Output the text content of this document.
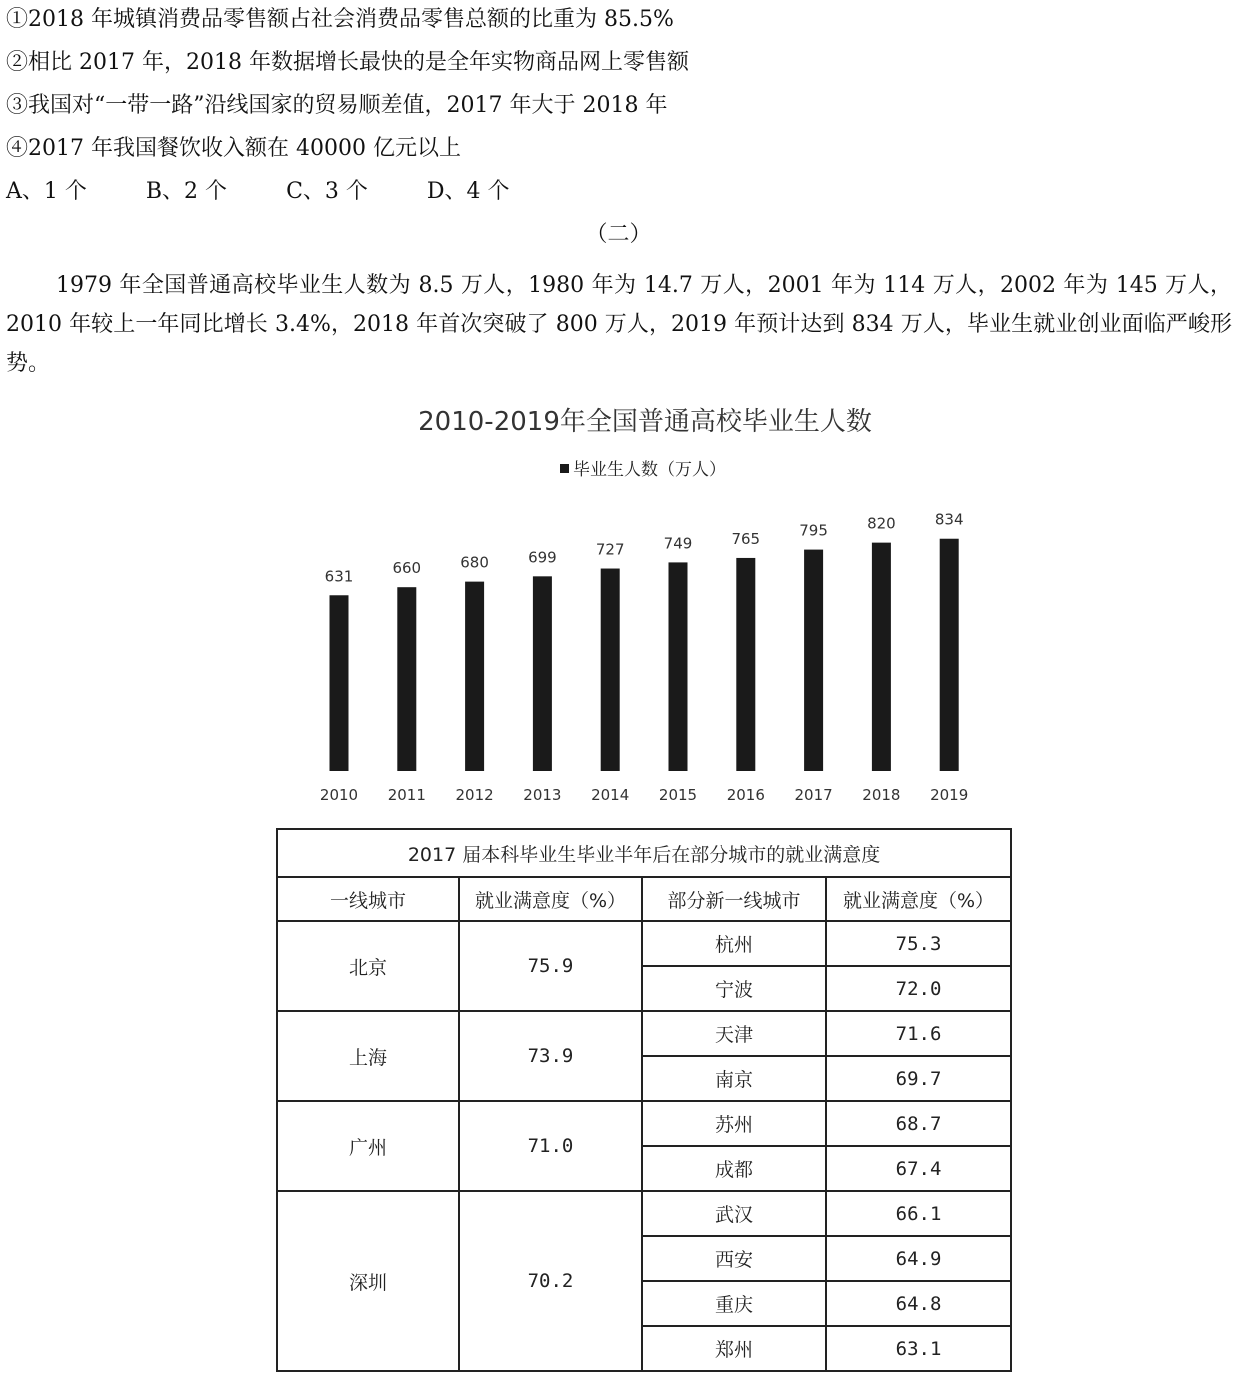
①2018 年城镇消费品零售额占社会消费品零售总额的比重为 85.5%
②相比 2017 年，2018 年数据增长最快的是全年实物商品网上零售额
③我国对“一带一路”沿线国家的贸易顺差值，2017 年大于 2018 年
④2017 年我国餐饮收入额在 40000 亿元以上
A、1 个	B、2 个	C、3 个	D、4 个
（二）
1979 年全国普通高校毕业生人数为 8.5 万人，1980 年为 14.7 万人，2001 年为 114 万人，2002 年为 145 万人，2010 年较上一年同比增长 3.4%，2018 年首次突破了 800 万人，2019 年预计达到 834 万人，毕业生就业创业面临严峻形势。
2010-2019年全国普通高校毕业生人数
毕业生人数（万人）
631
2010
660
2011
680
2012
699
2013
727
2014
749
2015
765
2016
795
2017
820
2018
834
2019
2017 届本科毕业生毕业半年后在部分城市的就业满意度			
一线城市	就业满意度（%）	部分新一线城市	就业满意度（%）
北京	75.9	杭州	75.3
		宁波	72.0
上海	73.9	天津	71.6
		南京	69.7
广州	71.0	苏州	68.7
		成都	67.4
深圳	70.2	武汉	66.1
		西安	64.9
		重庆	64.8
		郑州	63.1
